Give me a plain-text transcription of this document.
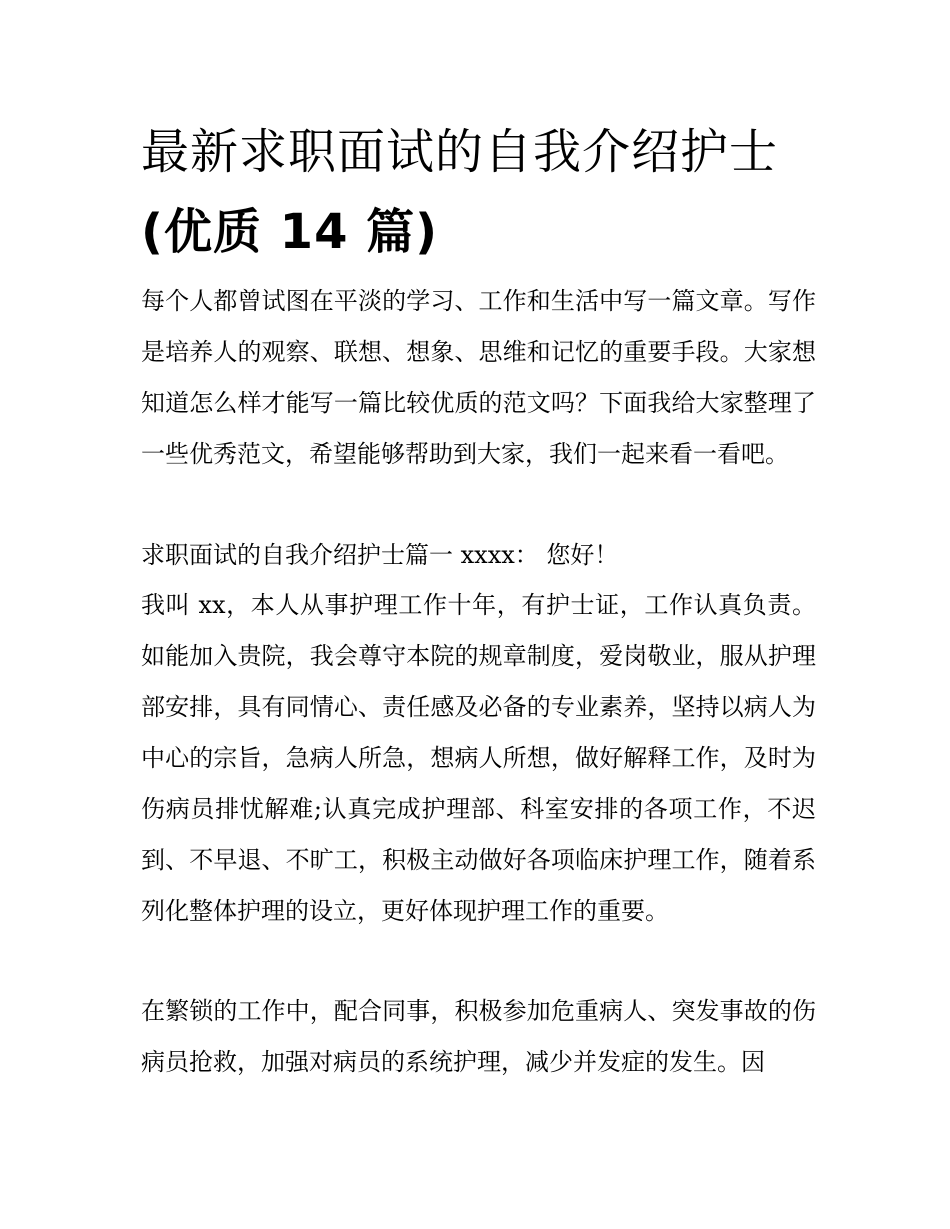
最新求职面试的自我介绍护士
(优质 14 篇)

每个人都曾试图在平淡的学习、工作和生活中写一篇文章。写作是培养人的观察、联想、想象、思维和记忆的重要手段。大家想知道怎么样才能写一篇比较优质的范文吗？下面我给大家整理了一些优秀范文，希望能够帮助到大家，我们一起来看一看吧。

求职面试的自我介绍护士篇一 xxxx： 您好！

我叫 xx，本人从事护理工作十年，有护士证，工作认真负责。如能加入贵院，我会尊守本院的规章制度，爱岗敬业，服从护理部安排，具有同情心、责任感及必备的专业素养，坚持以病人为中心的宗旨，急病人所急，想病人所想，做好解释工作，及时为伤病员排忧解难;认真完成护理部、科室安排的各项工作，不迟到、不早退、不旷工，积极主动做好各项临床护理工作，随着系列化整体护理的设立，更好体现护理工作的重要。

在繁锁的工作中，配合同事，积极参加危重病人、突发事故的伤病员抢救，加强对病员的系统护理，减少并发症的发生。因
